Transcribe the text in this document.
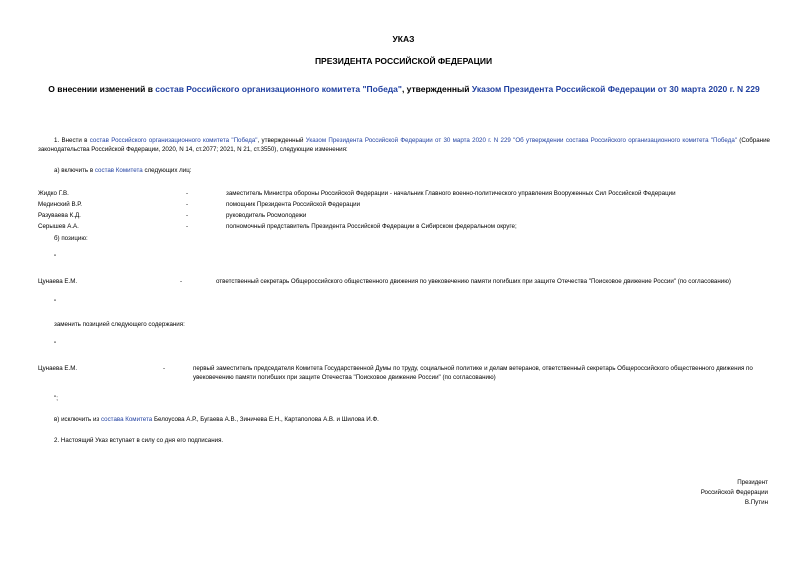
УКАЗ
ПРЕЗИДЕНТА РОССИЙСКОЙ ФЕДЕРАЦИИ
О внесении изменений в состав Российского организационного комитета "Победа", утвержденный Указом Президента Российской Федерации от 30 марта 2020 г. N 229
1. Внести в состав Российского организационного комитета "Победа", утвержденный Указом Президента Российской Федерации от 30 марта 2020 г. N 229 "Об утверждении состава Российского организационного комитета "Победа" (Собрание законодательства Российской Федерации, 2020, N 14, ст.2077; 2021, N 21, ст.3550), следующие изменения:
а) включить в состав Комитета следующих лиц:
Жидко Г.В.	-	заместитель Министра обороны Российской Федерации - начальник Главного военно-политического управления Вооруженных Сил Российской Федерации
Мединский В.Р.	-	помощник Президента Российской Федерации
Разуваева К.Д.	-	руководитель Росмолодежи
Серышев А.А.	-	полномочный представитель Президента Российской Федерации в Сибирском федеральном округе;
б) позицию:
"
Цунаева Е.М.	-	ответственный секретарь Общероссийского общественного движения по увековечению памяти погибших при защите Отечества "Поисковое движение России" (по согласованию)
"
заменить позицией следующего содержания:
"
Цунаева Е.М.	-	первый заместитель председателя Комитета Государственной Думы по труду, социальной политике и делам ветеранов, ответственный секретарь Общероссийского общественного движения по увековечению памяти погибших при защите Отечества "Поисковое движение России" (по согласованию)
";
в) исключить из состава Комитета Белоусова А.Р., Бугаева А.В., Зиничева Е.Н., Картаполова А.В. и Шилова И.Ф.
2. Настоящий Указ вступает в силу со дня его подписания.
Президент
Российской Федерации
В.Путин
